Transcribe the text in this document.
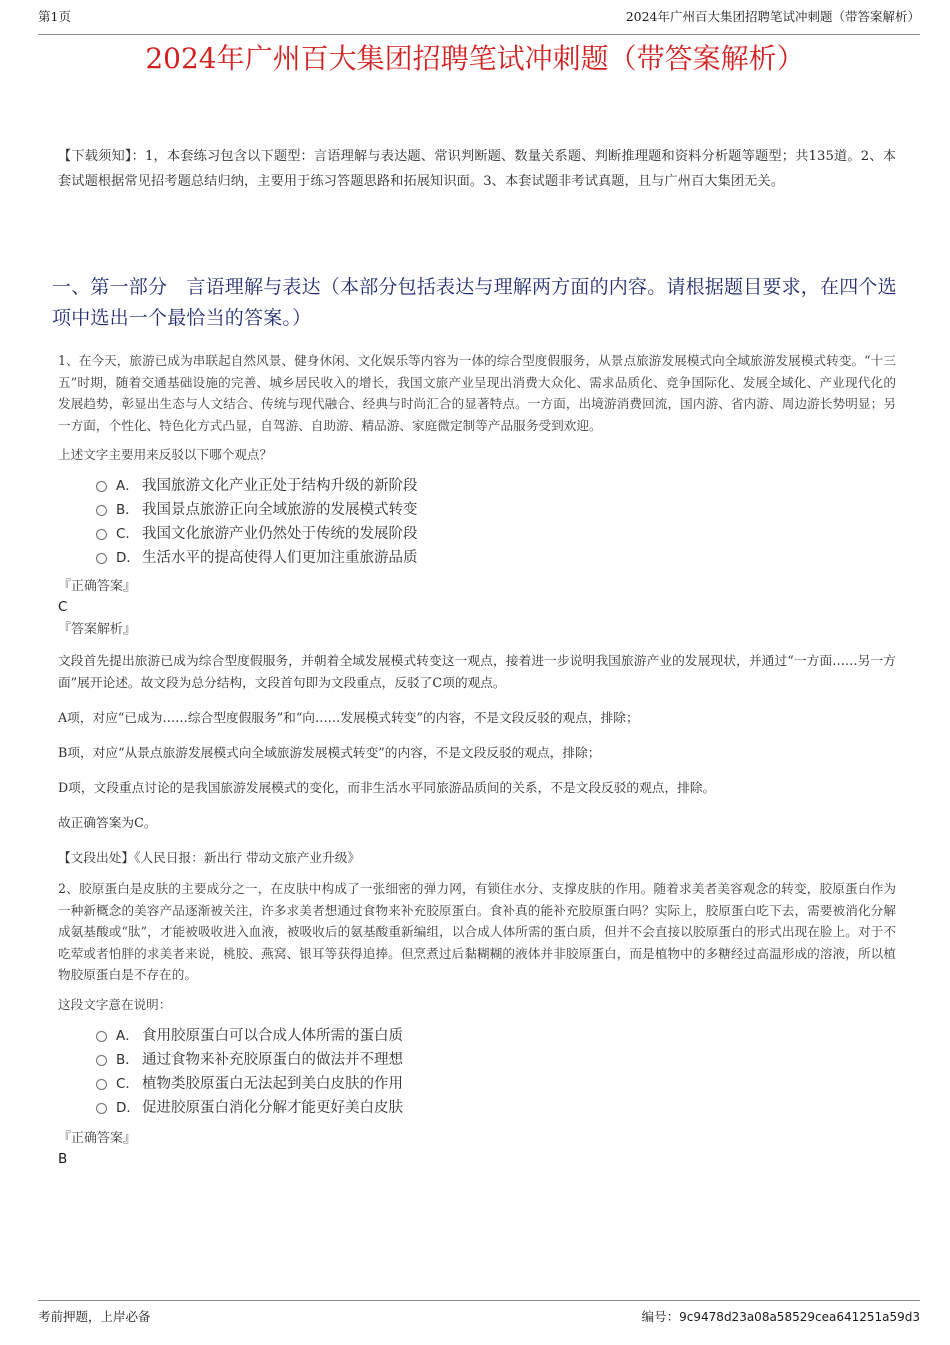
第1页	2024年广州百大集团招聘笔试冲刺题（带答案解析）
2024年广州百大集团招聘笔试冲刺题（带答案解析）
【下载须知】：1，本套练习包含以下题型：言语理解与表达题、常识判断题、数量关系题、判断推理题和资料分析题等题型；共135道。2、本套试题根据常见招考题总结归纳，主要用于练习答题思路和拓展知识面。3、本套试题非考试真题，且与广州百大集团无关。
一、第一部分　言语理解与表达（本部分包括表达与理解两方面的内容。请根据题目要求，在四个选项中选出一个最恰当的答案。）
1、在今天，旅游已成为串联起自然风景、健身休闲、文化娱乐等内容为一体的综合型度假服务，从景点旅游发展模式向全域旅游发展模式转变。“十三五”时期，随着交通基础设施的完善、城乡居民收入的增长，我国文旅产业呈现出消费大众化、需求品质化、竞争国际化、发展全域化、产业现代化的发展趋势，彰显出生态与人文结合、传统与现代融合、经典与时尚汇合的显著特点。一方面，出境游消费回流，国内游、省内游、周边游长势明显；另一方面，个性化、特色化方式凸显，自驾游、自助游、精品游、家庭微定制等产品服务受到欢迎。
上述文字主要用来反驳以下哪个观点？
A． 我国旅游文化产业正处于结构升级的新阶段
B． 我国景点旅游正向全域旅游的发展模式转变
C． 我国文化旅游产业仍然处于传统的发展阶段
D． 生活水平的提高使得人们更加注重旅游品质
『正确答案』
C
『答案解析』
文段首先提出旅游已成为综合型度假服务，并朝着全域发展模式转变这一观点，接着进一步说明我国旅游产业的发展现状，并通过“一方面……另一方面”展开论述。故文段为总分结构，文段首句即为文段重点，反驳了C项的观点。
A项，对应“已成为……综合型度假服务”和“向……发展模式转变”的内容，不是文段反驳的观点，排除；
B项，对应“从景点旅游发展模式向全域旅游发展模式转变”的内容，不是文段反驳的观点，排除；
D项，文段重点讨论的是我国旅游发展模式的变化，而非生活水平同旅游品质间的关系，不是文段反驳的观点，排除。
故正确答案为C。
【文段出处】《人民日报：新出行 带动文旅产业升级》
2、胶原蛋白是皮肤的主要成分之一，在皮肤中构成了一张细密的弹力网，有锁住水分、支撑皮肤的作用。随着求美者美容观念的转变，胶原蛋白作为一种新概念的美容产品逐渐被关注，许多求美者想通过食物来补充胶原蛋白。食补真的能补充胶原蛋白吗？实际上，胶原蛋白吃下去，需要被消化分解成氨基酸或“肽”，才能被吸收进入血液，被吸收后的氨基酸重新编组，以合成人体所需的蛋白质，但并不会直接以胶原蛋白的形式出现在脸上。对于不吃荤或者怕胖的求美者来说，桃胶、燕窝、银耳等获得追捧。但烹煮过后黏糊糊的液体并非胶原蛋白，而是植物中的多糖经过高温形成的溶液，所以植物胶原蛋白是不存在的。
这段文字意在说明：
A． 食用胶原蛋白可以合成人体所需的蛋白质
B． 通过食物来补充胶原蛋白的做法并不理想
C． 植物类胶原蛋白无法起到美白皮肤的作用
D． 促进胶原蛋白消化分解才能更好美白皮肤
『正确答案』
B
考前押题，上岸必备	编号：9c9478d23a08a58529cea641251a59d3
